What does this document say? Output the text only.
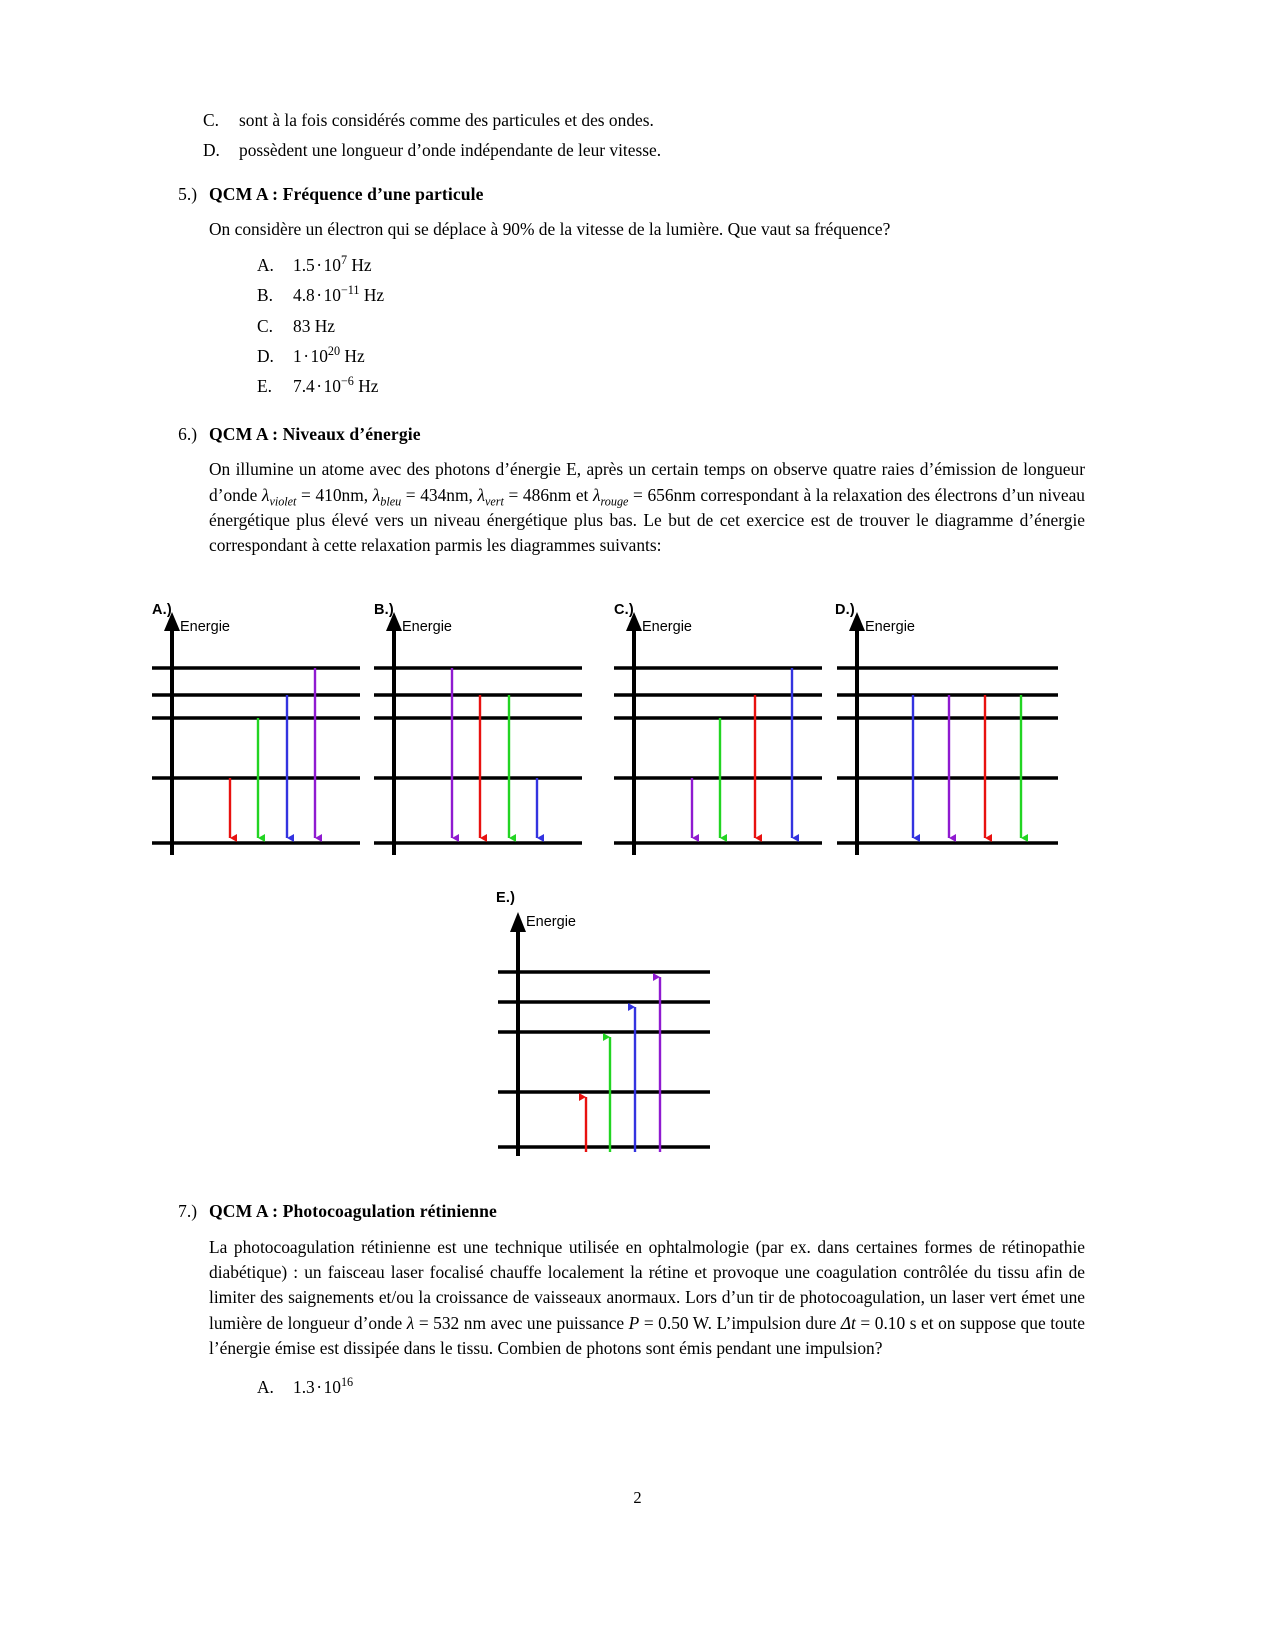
C.	sont à la fois considérés comme des particules et des ondes.
D.	possèdent une longueur d’onde indépendante de leur vitesse.
5.) QCM A : Fréquence d’une particule

On considère un électron qui se déplace à 90% de la vitesse de la lumière. Que vaut sa fréquence?

A.	$1.5\cdot 10^7$ Hz
B.	$4.8\cdot 10^{-11}$ Hz
C.	83 Hz
D.	$1\cdot 10^{20}$ Hz
E.	$7.4\cdot 10^{-6}$ Hz
6.) QCM A : Niveaux d’énergie

On illumine un atome avec des photons d’énergie E, après un certain temps on observe quatre raies d’émission de longueur d’onde $\lambda_{violet} = 410nm$, $\lambda_{bleu} = 434nm$, $\lambda_{vert} = 486nm$ et $\lambda_{rouge} = 656nm$ correspondant à la relaxation des électrons d’un niveau énergétique plus élevé vers un niveau énergétique plus bas. Le but de cet exercice est de trouver le diagramme d’énergie correspondant à cette relaxation parmis les diagrammes suivants:

A.)
Energie
B.)
Energie
C.)
Energie
D.)
Energie
E.)
Energie
7.) QCM A : Photocoagulation rétinienne

La photocoagulation rétinienne est une technique utilisée en ophtalmologie (par ex. dans certaines formes de rétinopathie diabétique) : un faisceau laser focalisé chauffe localement la rétine et provoque une coagulation contrôlée du tissu afin de limiter des saignements et/ou la croissance de vaisseaux anormaux. Lors d’un tir de photocoagulation, un laser vert émet une lumière de longueur d’onde λ = 532 nm avec une puissance P = 0.50 W. L’impulsion dure Δt = 0.10 s et on suppose que toute l’énergie émise est dissipée dans le tissu. Combien de photons sont émis pendant une impulsion?

A.	$1.3\cdot 10^{16}$
2
